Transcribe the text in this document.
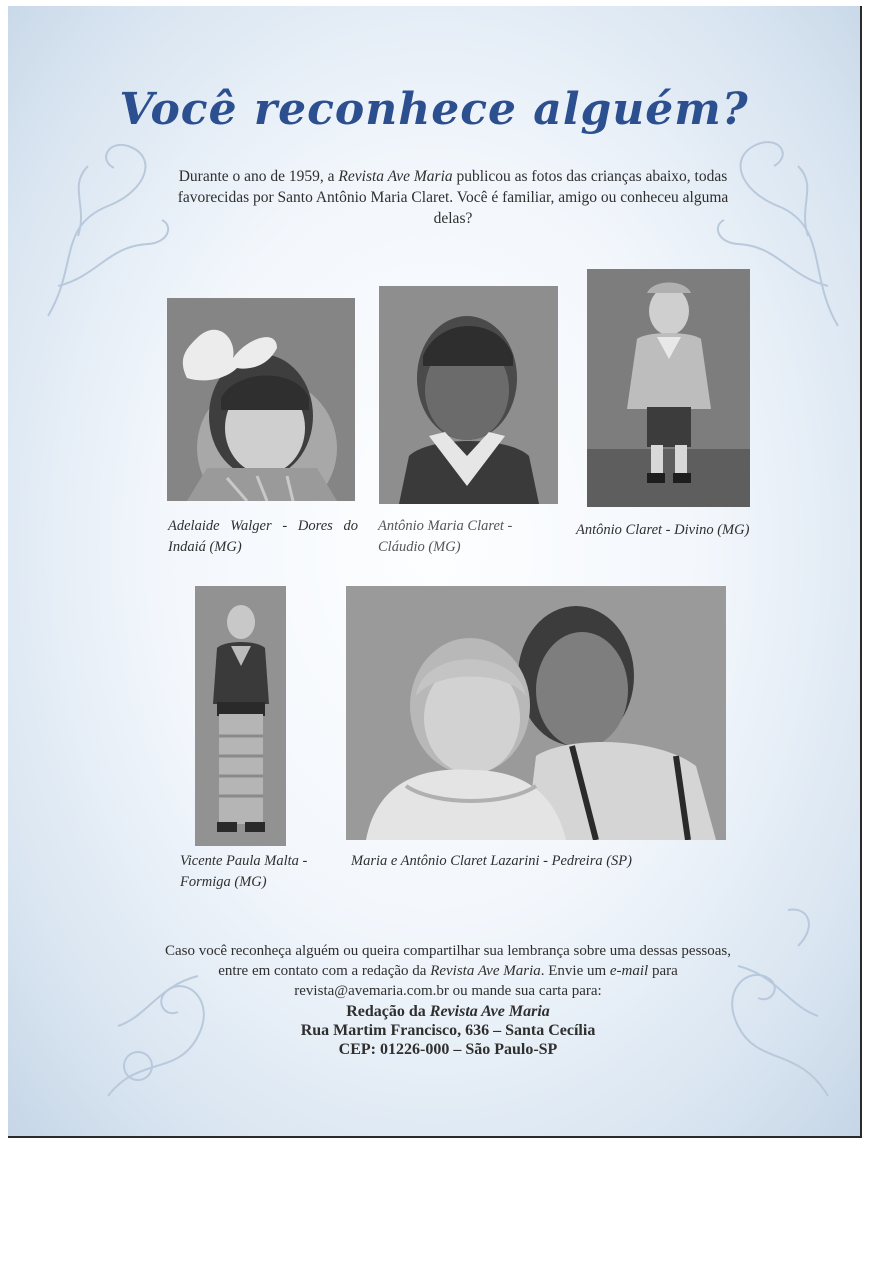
Você reconhece alguém?
Durante o ano de 1959, a Revista Ave Maria publicou as fotos das crianças abaixo, todas favorecidas por Santo Antônio Maria Claret. Você é familiar, amigo ou conheceu alguma delas?
Adelaide Walger - Dores do Indaiá (MG)
Antônio Maria Claret - Cláudio (MG)
Antônio Claret - Divino (MG)
Vicente Paula Malta - Formiga (MG)
Maria e Antônio Claret Lazarini - Pedreira (SP)
Caso você reconheça alguém ou queira compartilhar sua lembrança sobre uma dessas pessoas, entre em contato com a redação da Revista Ave Maria. Envie um e-mail para revista@avemaria.com.br ou mande sua carta para:
Redação da Revista Ave Maria
Rua Martim Francisco, 636 – Santa Cecília
CEP: 01226-000 – São Paulo-SP
